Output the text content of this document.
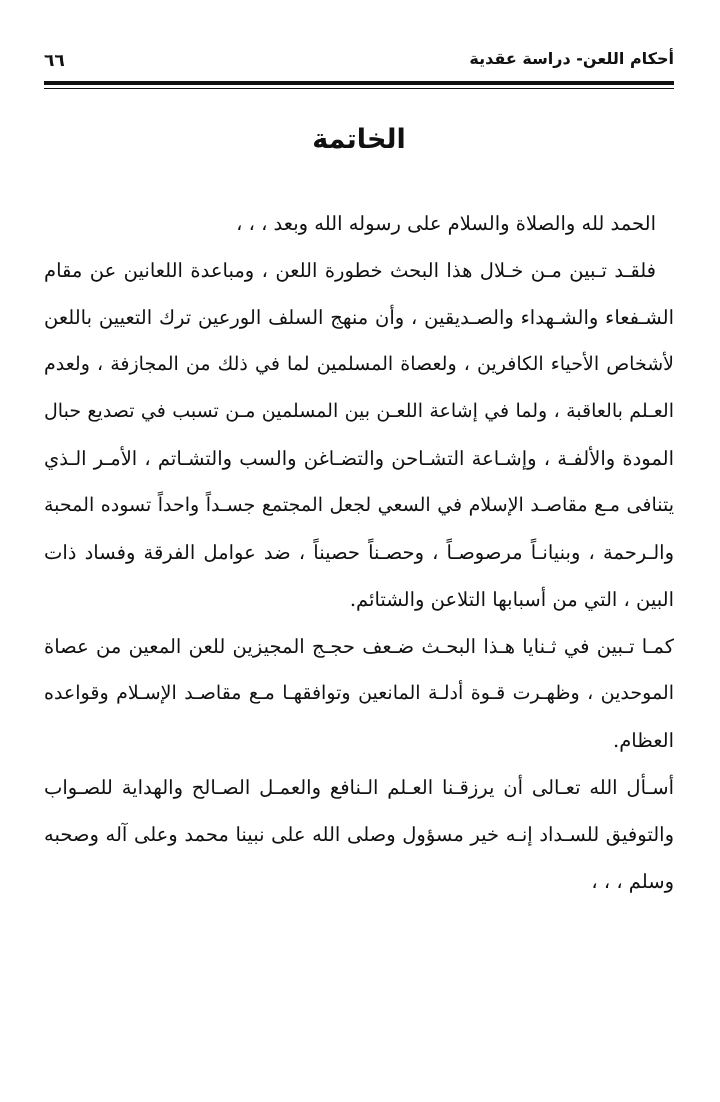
أحكام اللعن- دراسة عقدية
٦٦
الخاتمة
الحمد لله والصلاة والسلام على رسوله الله وبعد ، ، ،
فلقـد تـبين مـن خـلال هذا البحث خطورة اللعن ، ومباعدة اللعانين عن مقام
الشـفعاء والشـهداء والصـديقين ، وأن منهج السلف الورعين ترك التعيين باللعن
لأشخاص الأحياء الكافرين ، ولعصاة المسلمين لما في ذلك من المجازفة ، ولعدم
العـلم بالعاقبة ، ولما في إشاعة اللعـن بين المسلمين مـن تسبب في تصديع حبال
المودة والألفـة ، وإشـاعة التشـاحن والتضـاغن والسب والتشـاتم ، الأمـر الـذي
يتنافى مـع مقاصـد الإسلام في السعي لجعل المجتمع جسـداً واحداً تسوده المحبة
والـرحمة ، وبنيانـاً مرصوصـاً ، وحصـناً حصيناً ، ضد عوامل الفرقة وفساد ذات
البين ، التي من أسبابها التلاعن والشتائم.
كمـا تـبين في ثـنايا هـذا البحـث ضـعف حجـج المجيزين للعن المعين من عصاة
الموحدين ، وظهـرت قـوة أدلـة المانعين وتوافقهـا مـع مقاصـد الإسـلام وقواعده
العظام.
أسـأل الله تعـالى أن يرزقـنا العـلم الـنافع والعمـل الصـالح والهداية للصـواب
والتوفيق للسـداد إنـه خير مسؤول وصلى الله على نبينا محمد وعلى آله وصحبه
وسلم ، ، ،
